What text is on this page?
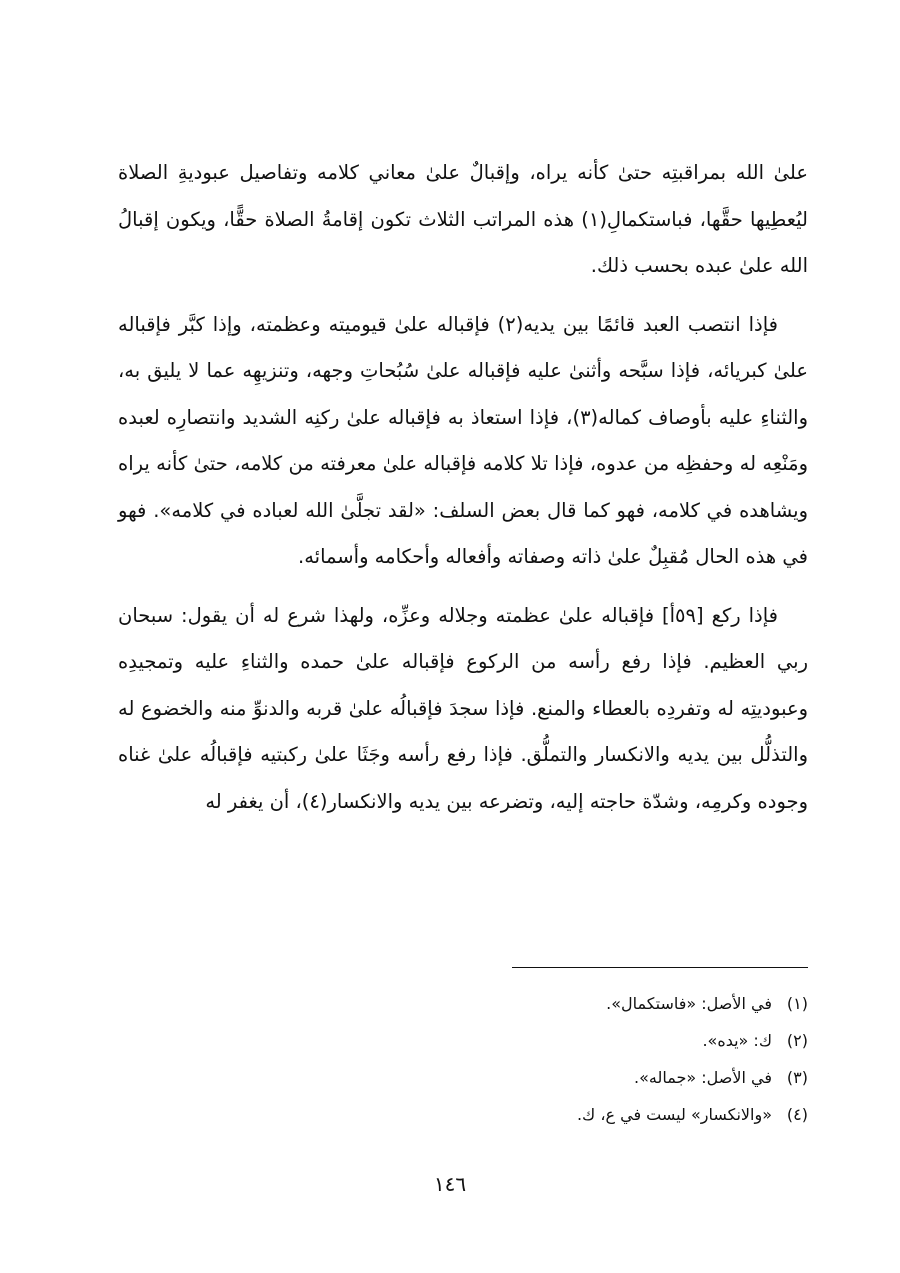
علىٰ الله بمراقبتِه حتىٰ كأنه يراه، وإقبالٌ علىٰ معاني كلامه وتفاصيل عبوديةِ الصلاة ليُعطِيها حقَّها، فباستكمالِ(١) هذه المراتب الثلاث تكون إقامةُ الصلاة حقًّا، ويكون إقبالُ الله علىٰ عبده بحسب ذلك.

فإذا انتصب العبد قائمًا بين يديه(٢) فإقباله علىٰ قيوميته وعظمته، وإذا كبَّر فإقباله علىٰ كبريائه، فإذا سبَّحه وأثنىٰ عليه فإقباله علىٰ سُبُحاتِ وجهه، وتنزيهِه عما لا يليق به، والثناءِ عليه بأوصاف كماله(٣)، فإذا استعاذ به فإقباله علىٰ ركنِه الشديد وانتصارِه لعبده ومَنْعِه له وحفظِه من عدوه، فإذا تلا كلامه فإقباله علىٰ معرفته من كلامه، حتىٰ كأنه يراه ويشاهده في كلامه، فهو كما قال بعض السلف: «لقد تجلَّىٰ الله لعباده في كلامه». فهو في هذه الحال مُقبِلٌ علىٰ ذاته وصفاته وأفعاله وأحكامه وأسمائه.

فإذا ركع [٥٩أ] فإقباله علىٰ عظمته وجلاله وعزِّه، ولهذا شرع له أن يقول: سبحان ربي العظيم. فإذا رفع رأسه من الركوع فإقباله علىٰ حمده والثناءِ عليه وتمجيدِه وعبوديتِه له وتفردِه بالعطاء والمنع. فإذا سجدَ فإقبالُه علىٰ قربه والدنوِّ منه والخضوع له والتذلُّل بين يديه والانكسار والتملُّق. فإذا رفع رأسه وجَثَا علىٰ ركبتيه فإقبالُه علىٰ غناه وجوده وكرمِه، وشدّة حاجته إليه، وتضرعه بين يديه والانكسار(٤)، أن يغفر له

(١)
في الأصل: «فاستكمال».
(٢)
ك: «يده».
(٣)
في الأصل: «جماله».
(٤)
«والانكسار» ليست في ع، ك.
١٤٦
